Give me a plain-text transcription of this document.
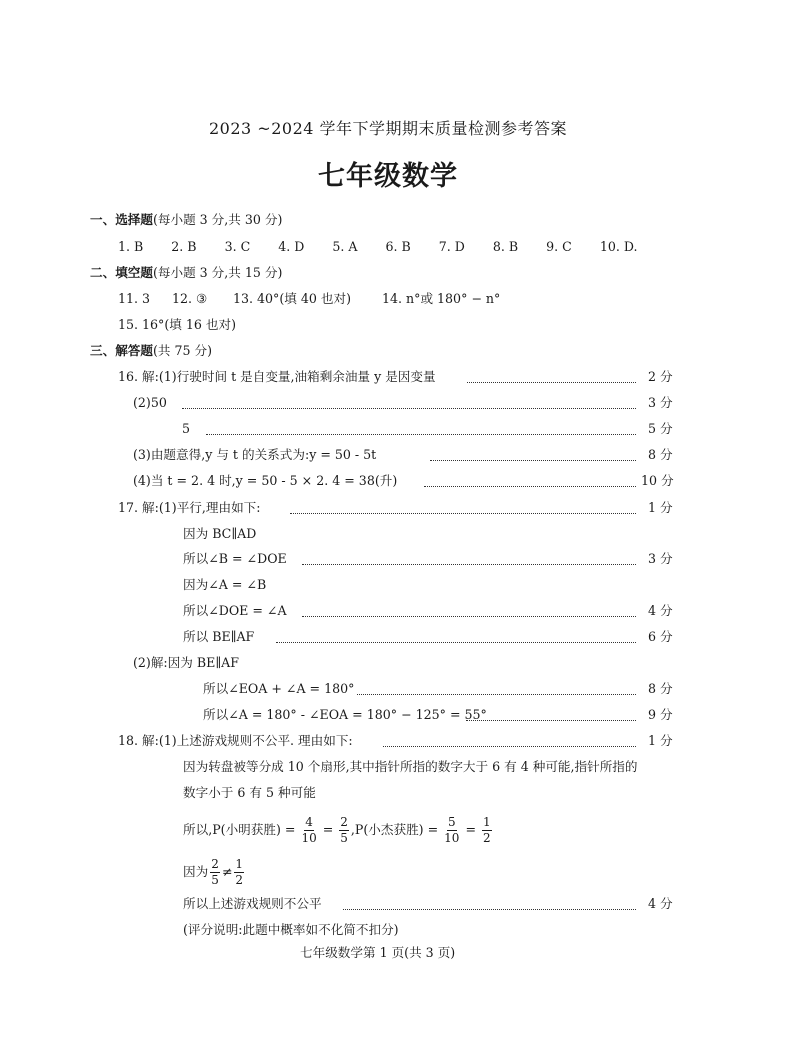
2023 ~2024 学年下学期期末质量检测参考答案
七年级数学
一、选择题(每小题 3 分,共 30 分)
1. B 2. B 3. C 4. D 5. A 6. B 7. D 8. B 9. C 10. D.
二、填空题(每小题 3 分,共 15 分)
11. 3 12. ③ 13. 40°(填 40 也对) 14. n°或 180° − n°
15. 16°(填 16 也对)
三、解答题(共 75 分)
16. 解:(1)行驶时间 t 是自变量,油箱剩余油量 y 是因变量	2 分
(2)50	3 分
5	5 分
(3)由题意得,y 与 t 的关系式为:y = 50 - 5t	8 分
(4)当 t = 2. 4 时,y = 50 - 5 × 2. 4 = 38(升)	10 分
17. 解:(1)平行,理由如下:	1 分
因为 BC∥AD
所以∠B = ∠DOE	3 分
因为∠A = ∠B
所以∠DOE = ∠A	4 分
所以 BE∥AF	6 分
(2)解:因为 BE∥AF
所以∠EOA + ∠A = 180°	8 分
所以∠A = 180° - ∠EOA = 180° − 125° = 55°	9 分
18. 解:(1)上述游戏规则不公平. 理由如下:	1 分
因为转盘被等分成 10 个扇形,其中指针所指的数字大于 6 有 4 种可能,指针所指的
数字小于 6 有 5 种可能
所以,P(小明获胜) = $\frac{4}{10} = \frac{2}{5} ,P$(小杰获胜) = $\frac{5}{10} = \frac{1}{2}$
因为 $\frac{2}{5} \ne \frac{1}{2}$
所以上述游戏规则不公平	4 分
(评分说明:此题中概率如不化简不扣分)
七年级数学第 1 页(共 3 页)
